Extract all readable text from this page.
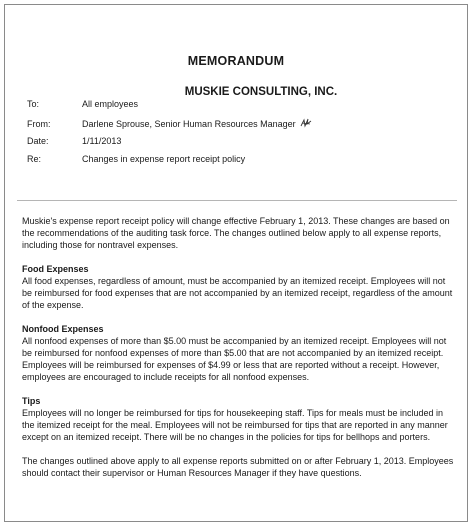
MEMORANDUM
MUSKIE CONSULTING, INC.
To:	All employees
From:	Darlene Sprouse, Senior Human Resources Manager
Date:	1/11/2013
Re:	Changes in expense report receipt policy

Muskie's expense report receipt policy will change effective February 1, 2013. These changes are based on the recommendations of the auditing task force. The changes outlined below apply to all expense reports, including those for nontravel expenses.

Food Expenses

All food expenses, regardless of amount, must be accompanied by an itemized receipt. Employees will not be reimbursed for food expenses that are not accompanied by an itemized receipt, regardless of the amount of the expense.

Nonfood Expenses

All nonfood expenses of more than $5.00 must be accompanied by an itemized receipt. Employees will not be reimbursed for nonfood expenses of more than $5.00 that are not accompanied by an itemized receipt. Employees will be reimbursed for expenses of $4.99 or less that are reported without a receipt. However, employees are encouraged to include receipts for all nonfood expenses.

Tips

Employees will no longer be reimbursed for tips for housekeeping staff. Tips for meals must be included in the itemized receipt for the meal. Employees will not be reimbursed for tips that are reported in any manner except on an itemized receipt. There will be no changes in the policies for tips for bellhops and porters.

The changes outlined above apply to all expense reports submitted on or after February 1, 2013. Employees should contact their supervisor or Human Resources Manager if they have questions.
